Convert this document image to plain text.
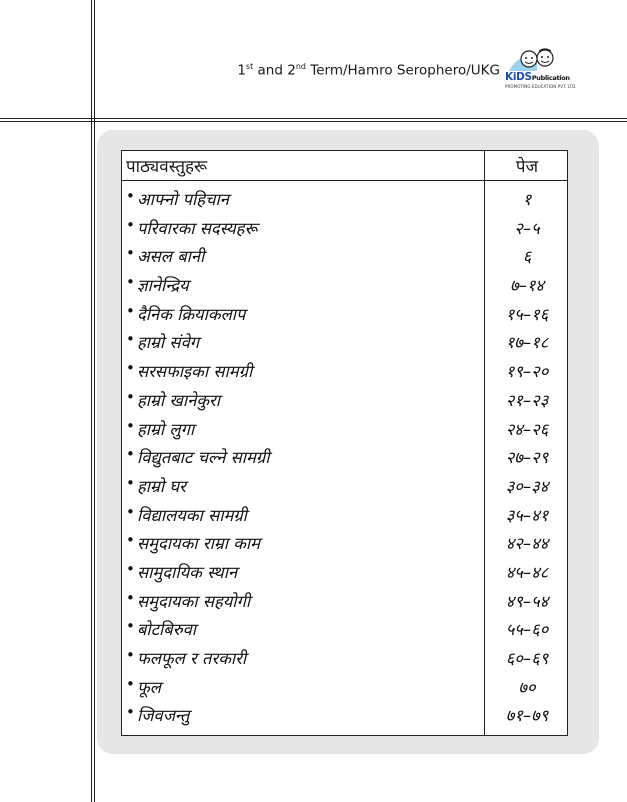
1st and 2nd Term/Hamro Serophero/UKG KiDSPublication
PROMOTING EDUCATION PVT. LTD.
पाठ्यवस्तुहरू	पेज
• आफ्नो पहिचान	१
• परिवारका सदस्यहरू	२–५
• असल बानी	६
• ज्ञानेन्द्रिय	७–१४
• दैनिक क्रियाकलाप	१५–१६
• हाम्रो संवेग	१७–१८
• सरसफाइका सामग्री	१९–२०
• हाम्रो खानेकुरा	२१–२३
• हाम्रो लुगा	२४–२६
• विद्युतबाट चल्ने सामग्री	२७–२९
• हाम्रो घर	३०–३४
• विद्यालयका सामग्री	३५–४१
• समुदायका राम्रा काम	४२–४४
• सामुदायिक स्थान	४५–४८
• समुदायका सहयोगी	४९–५४
• बोटबिरुवा	५५–६०
• फलफूल र तरकारी	६०–६९
• फूल	७०
• जिवजन्तु	७१–७९
